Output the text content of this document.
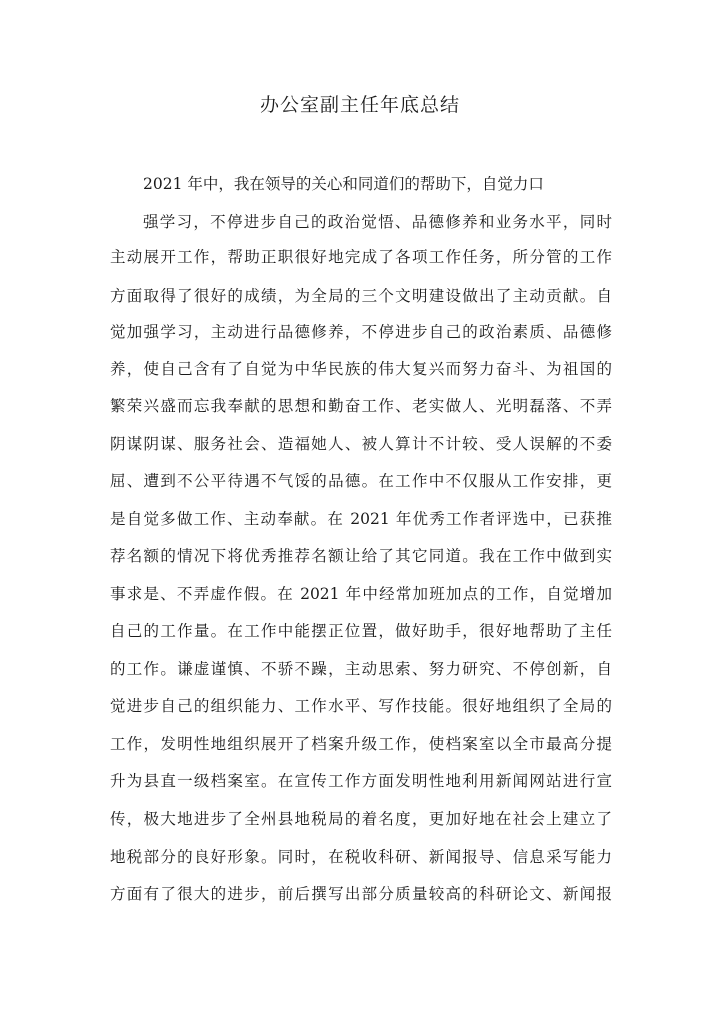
办公室副主任年底总结
2021 年中，我在领导的关心和同道们的帮助下，自觉力口
强学习，不停进步自己的政治觉悟、品德修养和业务水平，同时
主动展开工作，帮助正职很好地完成了各项工作任务，所分管的工作
方面取得了很好的成绩，为全局的三个文明建设做出了主动贡献。自
觉加强学习，主动进行品德修养，不停进步自己的政治素质、品德修
养，使自己含有了自觉为中华民族的伟大复兴而努力奋斗、为祖国的
繁荣兴盛而忘我奉献的思想和勤奋工作、老实做人、光明磊落、不弄
阴谋阴谋、服务社会、造福她人、被人算计不计较、受人误解的不委
屈、遭到不公平待遇不气馁的品德。在工作中不仅服从工作安排，更
是自觉多做工作、主动奉献。在 2021 年优秀工作者评选中，已获推
荐名额的情况下将优秀推荐名额让给了其它同道。我在工作中做到实
事求是、不弄虚作假。在 2021 年中经常加班加点的工作，自觉增加
自己的工作量。在工作中能摆正位置，做好助手，很好地帮助了主任
的工作。谦虚谨慎、不骄不躁，主动思索、努力研究、不停创新，自
觉进步自己的组织能力、工作水平、写作技能。很好地组织了全局的
工作，发明性地组织展开了档案升级工作，使档案室以全市最高分提
升为县直一级档案室。在宣传工作方面发明性地利用新闻网站进行宣
传，极大地进步了全州县地税局的着名度，更加好地在社会上建立了
地税部分的良好形象。同时，在税收科研、新闻报导、信息采写能力
方面有了很大的进步，前后撰写出部分质量较高的科研论文、新闻报
